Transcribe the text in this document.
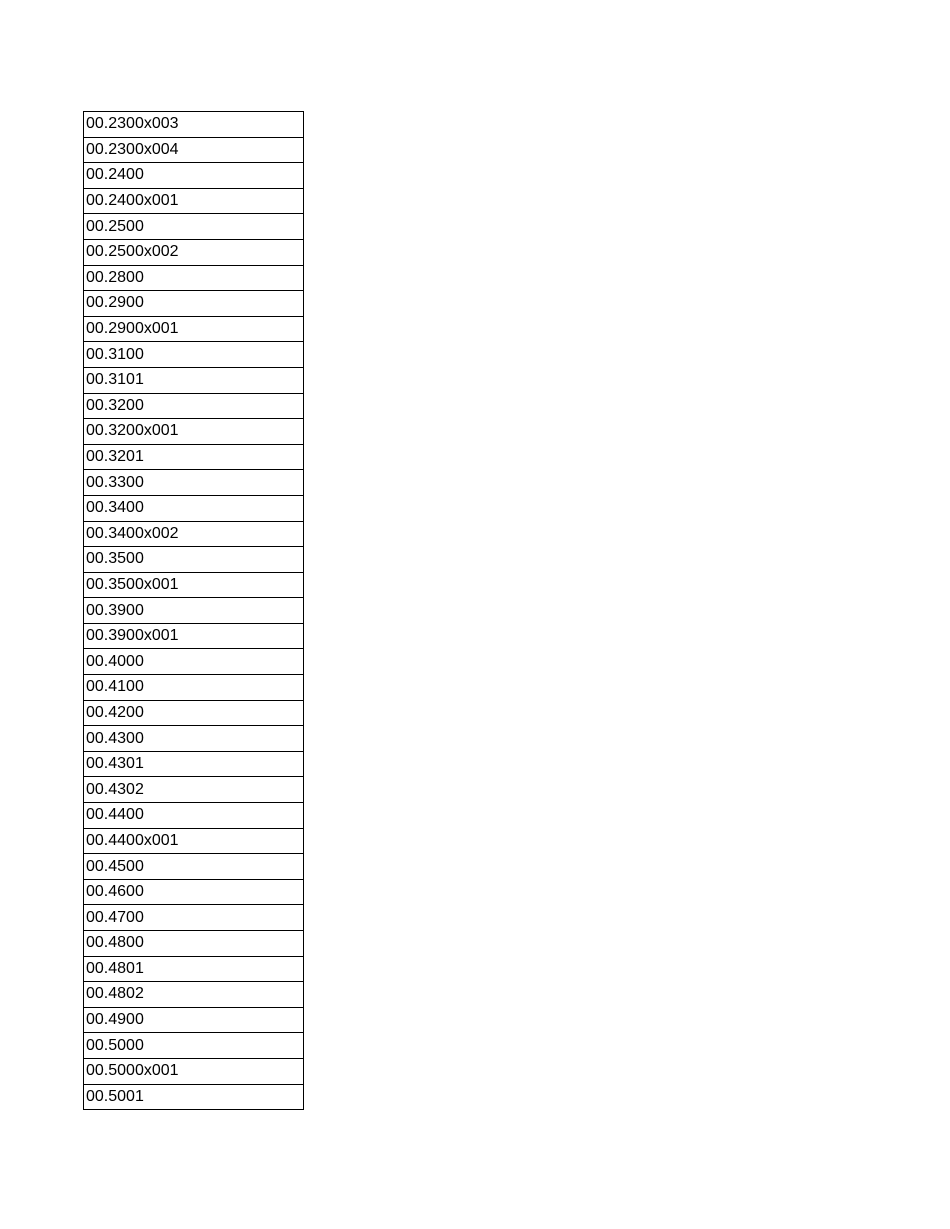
00.2300x003
00.2300x004
00.2400
00.2400x001
00.2500
00.2500x002
00.2800
00.2900
00.2900x001
00.3100
00.3101
00.3200
00.3200x001
00.3201
00.3300
00.3400
00.3400x002
00.3500
00.3500x001
00.3900
00.3900x001
00.4000
00.4100
00.4200
00.4300
00.4301
00.4302
00.4400
00.4400x001
00.4500
00.4600
00.4700
00.4800
00.4801
00.4802
00.4900
00.5000
00.5000x001
00.5001
